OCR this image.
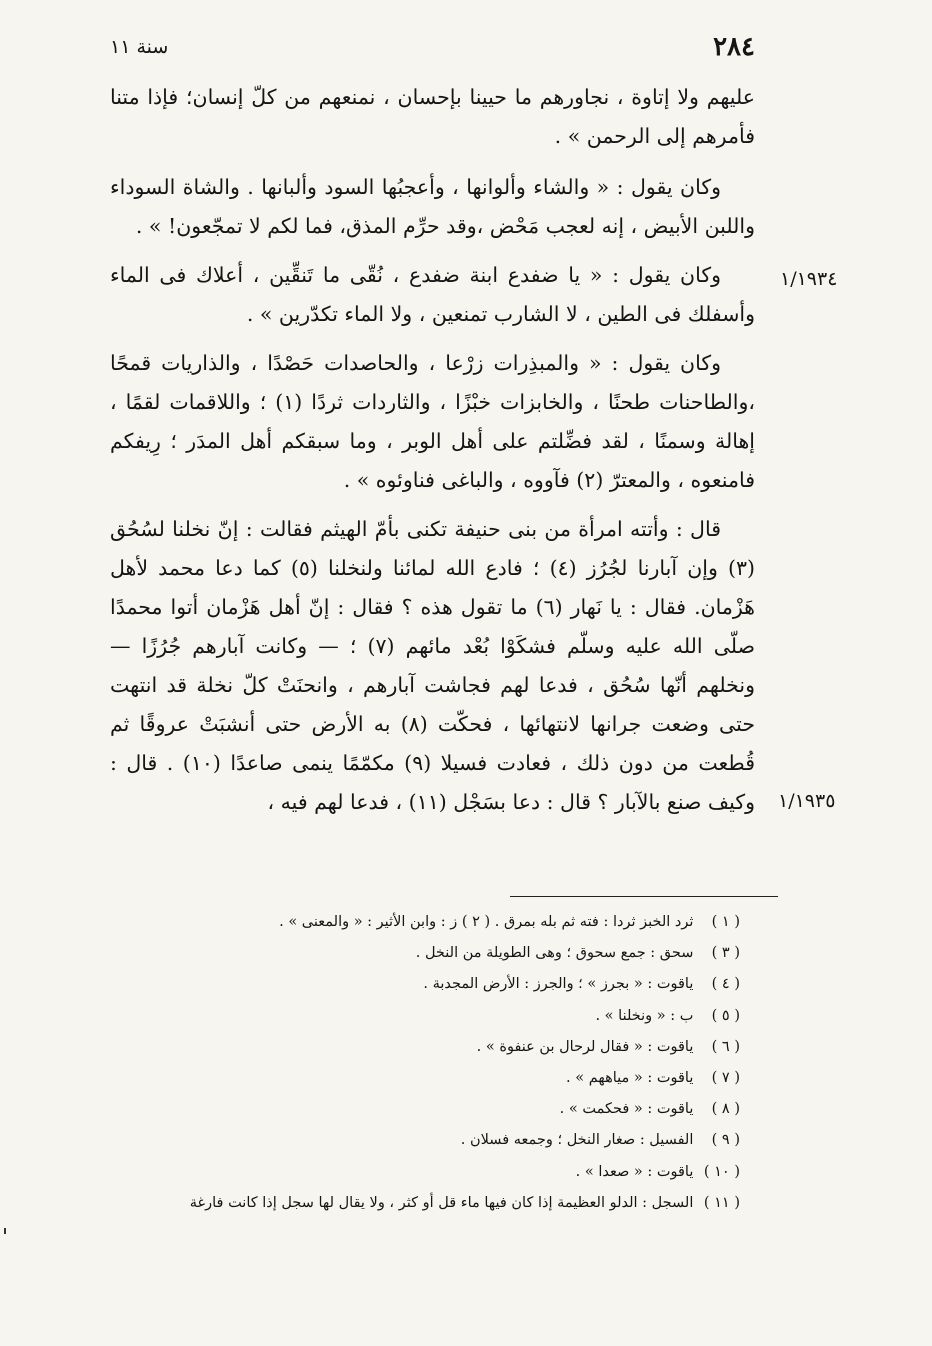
٢٨٤
سنة ١١
١/١٩٣٤
١/١٩٣٥

عليهم ولا إتاوة ، نجاورهم ما حيينا بإحسان ، نمنعهم من كلّ إنسان؛ فإذا متنا فأمرهم إلى الرحمن » .

وكان يقول : « والشاء وألوانها ، وأعجبُها السود وألبانها . والشاة السوداء واللبن الأبيض ، إنه لعجب مَحْض ،وقد حرِّم المذق، فما لكم لا تمجّعون! » .

وكان يقول : « يا ضفدع ابنة ضفدع ، نُقّى ما تَنقِّين ، أعلاك فى الماء وأسفلك فى الطين ، لا الشارب تمنعين ، ولا الماء تكدّرين » .

وكان يقول : « والمبذِرات زرْعا ، والحاصدات حَصْدًا ، والذاريات قمحًا ،والطاحنات طحنًا ، والخابزات خبْزًا ، والثاردات ثردًا (١) ؛ واللاقمات لقمًا ، إهالة وسمنًا ، لقد فضِّلتم على أهل الوبر ، وما سبقكم أهل المدَر ؛ رِيفكم فامنعوه ، والمعترّ (٢) فآووه ، والباغى فناوئوه » .

قال : وأتته امرأة من بنى حنيفة تكنى بأمّ الهيثم فقالت : إنّ نخلنا لسُحُق (٣) وإن آبارنا لجُرُز (٤) ؛ فادع الله لمائنا ولنخلنا (٥) كما دعا محمد لأهل هَزْمان. فقال : يا نَهار (٦) ما تقول هذه ؟ فقال : إنّ أهل هَزْمان أتوا محمدًا صلّى الله عليه وسلّم فشكَوْا بُعْد مائهم (٧) ؛ — وكانت آبارهم جُرُزًا — ونخلهم أنّها سُحُق ، فدعا لهم فجاشت آبارهم ، وانحنَتْ كلّ نخلة قد انتهت حتى وضعت جرانها لانتهائها ، فحكّت (٨) به الأرض حتى أنشبَتْ عروقًا ثم قُطعت من دون ذلك ، فعادت فسيلا (٩) مكمّمًا ينمى صاعدًا (١٠) . قال : وكيف صنع بالآبار ؟ قال : دعا بسَجْل (١١) ، فدعا لهم فيه ،

( ١ ) ثرد الخبز ثردا : فته ثم بله بمرق . ( ٢ ) ز : وابن الأثير : « والمعنى » .
( ٣ ) سحق : جمع سحوق ؛ وهى الطويلة من النخل .
( ٤ ) ياقوت : « بجرز » ؛ والجرز : الأرض المجدبة .
( ٥ ) ب : « ونخلنا » .
( ٦ ) ياقوت : « فقال لرحال بن عنفوة » .
( ٧ ) ياقوت : « مياههم » .
( ٨ ) ياقوت : « فحكمت » .
( ٩ ) الفسيل : صغار النخل ؛ وجمعه فسلان .
( ١٠ ) ياقوت : « صعدا » .
( ١١ ) السجل : الدلو العظيمة إذا كان فيها ماء قل أو كثر ، ولا يقال لها سجل إذا كانت فارغة
